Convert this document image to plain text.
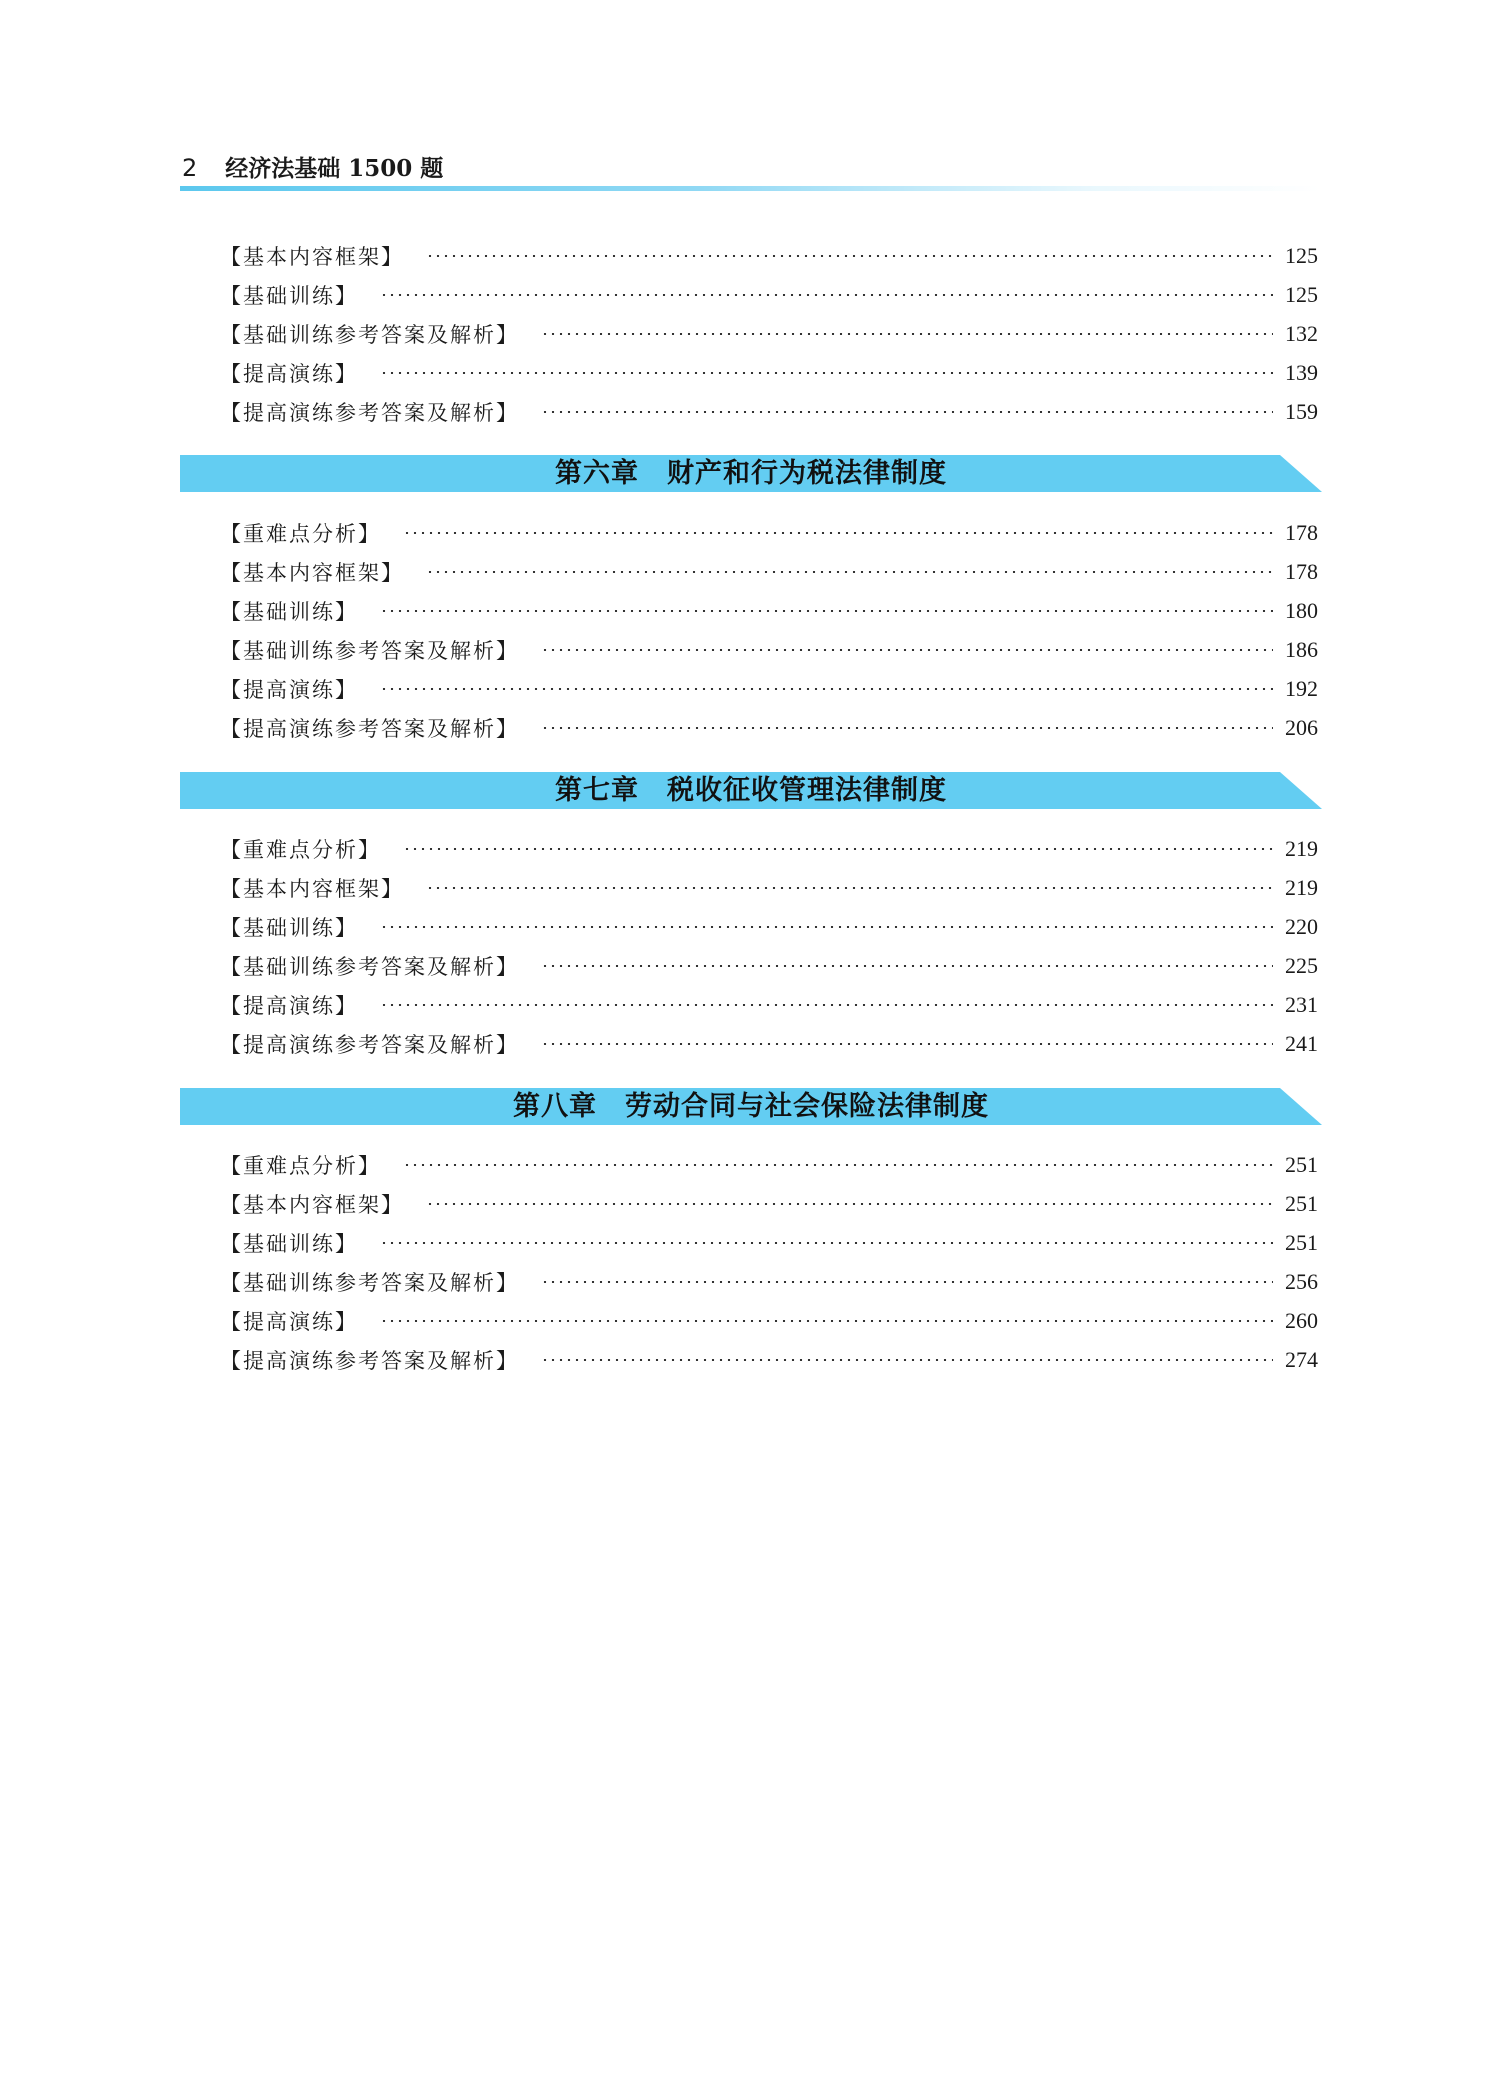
2 经济法基础 1500 题
【基本内容框架】	125
【基础训练】	125
【基础训练参考答案及解析】	132
【提高演练】	139
【提高演练参考答案及解析】	159
第六章　财产和行为税法律制度
【重难点分析】	178
【基本内容框架】	178
【基础训练】	180
【基础训练参考答案及解析】	186
【提高演练】	192
【提高演练参考答案及解析】	206
第七章　税收征收管理法律制度
【重难点分析】	219
【基本内容框架】	219
【基础训练】	220
【基础训练参考答案及解析】	225
【提高演练】	231
【提高演练参考答案及解析】	241
第八章　劳动合同与社会保险法律制度
【重难点分析】	251
【基本内容框架】	251
【基础训练】	251
【基础训练参考答案及解析】	256
【提高演练】	260
【提高演练参考答案及解析】	274
